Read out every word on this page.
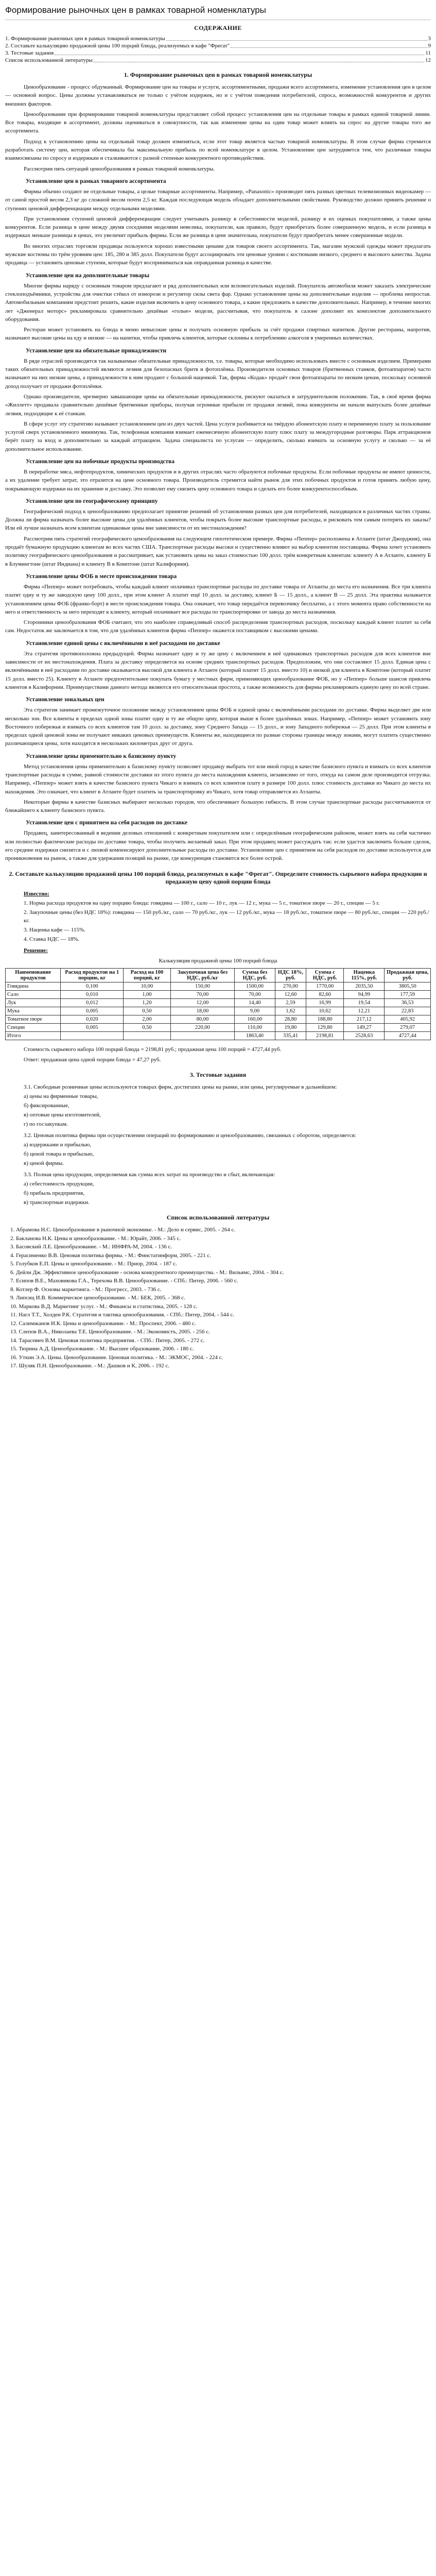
Формирование рыночных цен в рамках товарной номенклатуры
СОДЕРЖАНИЕ
1. Формирование рыночных цен в рамках товарной номенклатуры	3
2. Составьте калькуляцию продажной цены 100 порций блюда, реализуемых в кафе "Фрегат"	9
3. Тестовые задания	11
Список использованной литературы	12
1. Формирование рыночных цен в рамках товарной номенклатуры

Ценообразование - процесс обдуманный. Формирование цен на товары и услуги, ассортиментными, продажи всего ассортимента, изменение установления цен в целом — основной вопрос. Цены должны устанавливаться не только с учётом издержек, но и с учётом поведения потребителей, спроса, возможностей конкурентов и других внешних факторов.

Ценообразование при формировании товарной номенклатуры представляет собой процесс установления цен на отдельные товары в рамках единой товарной линии. Все товары, входящие в ассортимент, должны оцениваться в совокупности, так как изменение цены на один товар может влиять на спрос на другие товары того же ассортимента.

Подход к установлению цены на отдельный товар должен изменяться, если этот товар является частью товарной номенклатуры. В этом случае фирма стремится разработать систему цен, которая обеспечивала бы максимальную прибыль по всей номенклатуре в целом. Установление цен затрудняется тем, что различные товары взаимосвязаны по спросу и издержкам и сталкиваются с разной степенью конкурентного противодействия.

Рассмотрим пять ситуаций ценообразования в рамках товарной номенклатуры.

Установление цен в рамках товарного ассортимента

Фирмы обычно создают не отдельные товары, а целые товарные ассортименты. Например, «Panasonic» производит пять разных цветных телевизионных видеокамер — от самой простой весом 2,3 кг до сложной весом почти 2,5 кг. Каждая последующая модель обладает дополнительными свойствами. Руководство должно принять решение о ступенях ценовой дифференциации между отдельными моделями.

При установлении ступеней ценовой дифференциации следует учитывать разницу в себестоимости моделей, разницу в их оценках покупателями, а также цены конкурентов. Если разница в цене между двумя соседними моделями невелика, покупатели, как правило, будут приобретать более совершенную модель, и если разница в издержках меньше разницы в ценах, это увеличит прибыль фирмы. Если же разница в цене значительна, покупатели будут приобретать менее совершенные модели.

Во многих отраслях торговли продавцы пользуются хорошо известными ценами для товаров своего ассортимента. Так, магазин мужской одежды может предлагать мужские костюмы по трём уровням цен: 185, 280 и 385 долл. Покупатели будут ассоциировать эти ценовые уровни с костюмами низкого, среднего и высокого качества. Задача продавца — установить ценовые ступени, которые будут восприниматься как оправданная разница в качестве.

Установление цен на дополнительные товары

Многие фирмы наряду с основным товаром предлагают и ряд дополнительных или вспомогательных изделий. Покупатель автомобиля может заказать электрические стеклоподъёмники, устройства для очистки стёкол от изморози и регулятор силы света фар. Однако установление цены на дополнительные изделия — проблема непростая. Автомобильным компаниям предстоит решить, какие изделия включить в цену основного товара, а какие предложить в качестве дополнительных. Например, в течение многих лет «Дженерал моторс» рекламировала сравнительно дешёвые «голые» модели, рассчитывая, что покупатель в салоне дополнит их комплектом дополнительного оборудования.

Ресторан может установить на блюда в меню невысокие цены и получать основную прибыль за счёт продажи спиртных напитков. Другие рестораны, напротив, назначают высокие цены на еду и низкие — на напитки, чтобы привлечь клиентов, которые склонны к потреблению алкоголя в умеренных количествах.

Установление цен на обязательные принадлежности

В ряде отраслей производятся так называемые обязательные принадлежности, т.е. товары, которые необходимо использовать вместе с основным изделием. Примерами таких обязательных принадлежностей являются лезвия для безопасных бритв и фотоплёнка. Производители основных товаров (бритвенных станков, фотоаппаратов) часто назначают на них низкие цены, а принадлежности к ним продают с большой наценкой. Так, фирма «Кодак» продаёт свои фотоаппараты по низким ценам, поскольку основной доход получает от продажи фотоплёнки.

Однако производители, чрезмерно завышающие цены на обязательные принадлежности, рискуют оказаться в затруднительном положении. Так, в своё время фирма «Жиллетт» продавала сравнительно дешёвые бритвенные приборы, получая огромные прибыли от продажи лезвий, пока конкуренты не начали выпускать более дешёвые лезвия, подходящие к её станкам.

В сфере услуг эту стратегию называют установлением цен из двух частей. Цена услуги разбивается на твёрдую абонентскую плату и переменную плату за пользование услугой сверх установленного минимума. Так, телефонная компания взимает ежемесячную абонентскую плату плюс плату за междугородные разговоры. Парк аттракционов берёт плату за вход и дополнительно за каждый аттракцион. Задача специалиста по услугам — определить, сколько взимать за основную услугу и сколько — за её дополнительное использование.

Установление цен на побочные продукты производства

В переработке мяса, нефтепродуктов, химических продуктов и в других отраслях часто образуются побочные продукты. Если побочные продукты не имеют ценности, а их удаление требует затрат, это отразится на цене основного товара. Производитель стремится найти рынок для этих побочных продуктов и готов принять любую цену, покрывающую издержки на их хранение и доставку. Это позволит ему снизить цену основного товара и сделать его более конкурентоспособным.

Установление цен по географическому принципу

Географический подход к ценообразованию предполагает принятие решений об установлении разных цен для потребителей, находящихся в различных частях страны. Должна ли фирма назначать более высокие цены для удалённых клиентов, чтобы покрыть более высокие транспортные расходы, и рисковать тем самым потерять их заказы? Или ей лучше назначать всем клиентам одинаковые цены вне зависимости от их местонахождения?

Рассмотрим пять стратегий географического ценообразования на следующем гипотетическом примере. Фирма «Пеппер» расположена в Атланте (штат Джорджия), она продаёт бумажную продукцию клиентам во всех частях США. Транспортные расходы высоки и существенно влияют на выбор клиентом поставщика. Фирма хочет установить политику географического ценообразования и рассматривает, как установить цены на заказ стоимостью 100 долл. трём конкретным клиентам: клиенту А в Атланте, клиенту Б в Блумингтоне (штат Индиана) и клиенту В в Комптоне (штат Калифорния).

Установление цены ФОБ в месте происхождения товара

Фирма «Пеппер» может потребовать, чтобы каждый клиент оплачивал транспортные расходы по доставке товара от Атланты до места его назначения. Все три клиента платят одну и ту же заводскую цену 100 долл., при этом клиент А платит ещё 10 долл. за доставку, клиент Б — 15 долл., а клиент В — 25 долл. Эта практика называется установлением цены ФОБ (франко-борт) в месте происхождения товара. Она означает, что товар передаётся перевозчику бесплатно, а с этого момента право собственности на него и ответственность за него переходят к клиенту, который оплачивает все расходы по транспортировке от завода до места назначения.

Сторонники ценообразования ФОБ считают, что это наиболее справедливый способ распределения транспортных расходов, поскольку каждый клиент платит за себя сам. Недостаток же заключается в том, что для удалённых клиентов фирма «Пеппер» окажется поставщиком с высокими ценами.

Установление единой цены с включёнными в неё расходами по доставке

Эта стратегия противоположна предыдущей. Фирма назначает одну и ту же цену с включением в неё одинаковых транспортных расходов для всех клиентов вне зависимости от их местонахождения. Плата за доставку определяется на основе средних транспортных расходов. Предположим, что они составляют 15 долл. Единая цена с включёнными в неё расходами по доставке оказывается высокой для клиента в Атланте (который платит 15 долл. вместо 10) и низкой для клиента в Комптоне (который платит 15 долл. вместо 25). Клиенту в Атланте предпочтительнее покупать бумагу у местных фирм, применяющих ценообразование ФОБ, но у «Пеппер» больше шансов привлечь клиентов в Калифорнии. Преимуществами данного метода являются его относительная простота, а также возможность для фирмы рекламировать единую цену по всей стране.

Установление зональных цен

Эта стратегия занимает промежуточное положение между установлением цены ФОБ и единой цены с включёнными расходами по доставке. Фирма выделяет две или несколько зон. Все клиенты в пределах одной зоны платят одну и ту же общую цену, которая выше в более удалённых зонах. Например, «Пеппер» может установить зону Восточного побережья и взимать со всех клиентов там 10 долл. за доставку, зону Среднего Запада — 15 долл., и зону Западного побережья — 25 долл. При этом клиенты в пределах одной ценовой зоны не получают никаких ценовых преимуществ. Клиенты же, находящиеся по разные стороны границы между зонами, могут платить существенно различающиеся цены, хотя находятся в нескольких километрах друг от друга.

Установление цены применительно к базисному пункту

Метод установления цены применительно к базисному пункту позволяет продавцу выбрать тот или иной город в качестве базисного пункта и взимать со всех клиентов транспортные расходы в сумме, равной стоимости доставки из этого пункта до места нахождения клиента, независимо от того, откуда на самом деле производится отгрузка. Например, «Пеппер» может взять в качестве базисного пункта Чикаго и взимать со всех клиентов плату в размере 100 долл. плюс стоимость доставки из Чикаго до места их нахождения. Это означает, что клиент в Атланте будет платить за транспортировку из Чикаго, хотя товар отправляется из Атланты.

Некоторые фирмы в качестве базисных выбирают несколько городов, что обеспечивает большую гибкость. В этом случае транспортные расходы рассчитываются от ближайшего к клиенту базисного пункта.

Установление цен с принятием на себя расходов по доставке

Продавец, заинтересованный в ведении деловых отношений с конкретным покупателем или с определённым географическим районом, может взять на себя частично или полностью фактические расходы по доставке товара, чтобы получить желаемый заказ. При этом продавец может рассуждать так: если удастся заключить больше сделок, его средние издержки снизятся и с лихвой компенсируют дополнительные расходы по доставке. Установление цен с принятием на себя расходов по доставке используется для проникновения на рынок, а также для удержания позиций на рынке, где конкуренция становится все более острой.

2. Составьте калькуляцию продажной цены 100 порций блюда, реализуемых в кафе "Фрегат". Определите стоимость сырьевого набора продукции и продажную цену одной порции блюда
Известно:
1. Норма расхода продуктов на одну порцию блюда: говядина — 100 г., сало — 10 г., лук — 12 г., мука — 5 г., томатное пюре — 20 г., специи — 5 г.
2. Закупочные цены (без НДС 18%): говядина — 150 руб./кг., сало — 70 руб./кг., лук — 12 руб./кг., мука — 18 руб./кг., томатное пюре — 80 руб./кг., специи — 220 руб./кг.
3. Наценка кафе — 115%.
4. Ставка НДС — 18%.
Решение:
Калькуляция продажной цены 100 порций блюда
Наименование продуктов	Расход продуктов на 1 порцию, кг	Расход на 100 порций, кг	Закупочная цена без НДС, руб./кг	Сумма без НДС, руб.	НДС 18%, руб.	Сумма с НДС, руб.	Наценка 115%, руб.	Продажная цена, руб.
Говядина	0,100	10,00	150,00	1500,00	270,00	1770,00	2035,50	3805,50
Сало	0,010	1,00	70,00	70,00	12,60	82,60	94,99	177,59
Лук	0,012	1,20	12,00	14,40	2,59	16,99	19,54	36,53
Мука	0,005	0,50	18,00	9,00	1,62	10,62	12,21	22,83
Томатное пюре	0,020	2,00	80,00	160,00	28,80	188,80	217,12	405,92
Специи	0,005	0,50	220,00	110,00	19,80	129,80	149,27	279,07
Итого				1863,40	335,41	2198,81	2528,63	4727,44

Стоимость сырьевого набора 100 порций блюда = 2198,81 руб.; продажная цена 100 порций = 4727,44 руб.

Ответ: продажная цена одной порции блюда = 47,27 руб.

3. Тестовые задания
3.1. Свободные розничные цены используются товарах фирм, достигших цены на рынке, или цены, регулируемые в дальнейшем:
а) цены на фирменные товары,
б) фиксированные,
в) оптовые цены изготовителей,
г) по госзакупкам.
3.2. Ценовая политика фирмы при осуществлении операций по формированию и ценообразованию, связанных с оборотом, определяется:
а) издержками и прибылью,
б) ценой товара и прибылью,
в) ценой фирмы.
3.3. Полная цена продукции, определяемая как сумма всех затрат на производство и сбыт, включающая:
а) себестоимость продукции,
б) прибыль предприятия,
в) транспортные издержки.
Список использованной литературы
1. Абрамова Н.С. Ценообразование в рыночной экономике. - М.: Дело и сервис, 2005. - 264 с.
2. Бакланова Н.К. Цены и ценообразование. - М.: Юрайт, 2006. - 345 с.
3. Басовский Л.Е. Ценообразование. - М.: ИНФРА-М, 2004. - 136 с.
4. Герасименко В.В. Ценовая политика фирмы. - М.: Финстатинформ, 2005. - 221 с.
5. Голубков Е.П. Цены и ценообразование. - М.: Приор, 2004. - 187 с.
6. Дейли Дж. Эффективное ценообразование - основа конкурентного преимущества. - М.: Вильямс, 2004. - 304 с.
7. Есипов В.Е., Маховикова Г.А., Терехова В.В. Ценообразование. - СПб.: Питер, 2006. - 560 с.
8. Котлер Ф. Основы маркетинга. - М.: Прогресс, 2003. - 736 с.
9. Липсиц И.В. Коммерческое ценообразование. - М.: БЕК, 2005. - 368 с.
10. Маркова В.Д. Маркетинг услуг. - М.: Финансы и статистика, 2005. - 128 с.
11. Нагл Т.Т., Холден Р.К. Стратегия и тактика ценообразования. - СПб.: Питер, 2004. - 544 с.
12. Салимжанов И.К. Цены и ценообразование. - М.: Проспект, 2006. - 480 с.
13. Слепов В.А., Николаева Т.Е. Ценообразование. - М.: Экономистъ, 2005. - 256 с.
14. Тарасевич В.М. Ценовая политика предприятия. - СПб.: Питер, 2005. - 272 с.
15. Тюрина А.Д. Ценообразование. - М.: Высшее образование, 2006. - 180 с.
16. Уткин Э.А. Цены. Ценообразование. Ценовая политика. - М.: ЭКМОС, 2004. - 224 с.
17. Шуляк П.Н. Ценообразование. - М.: Дашков и К, 2006. - 192 с.
